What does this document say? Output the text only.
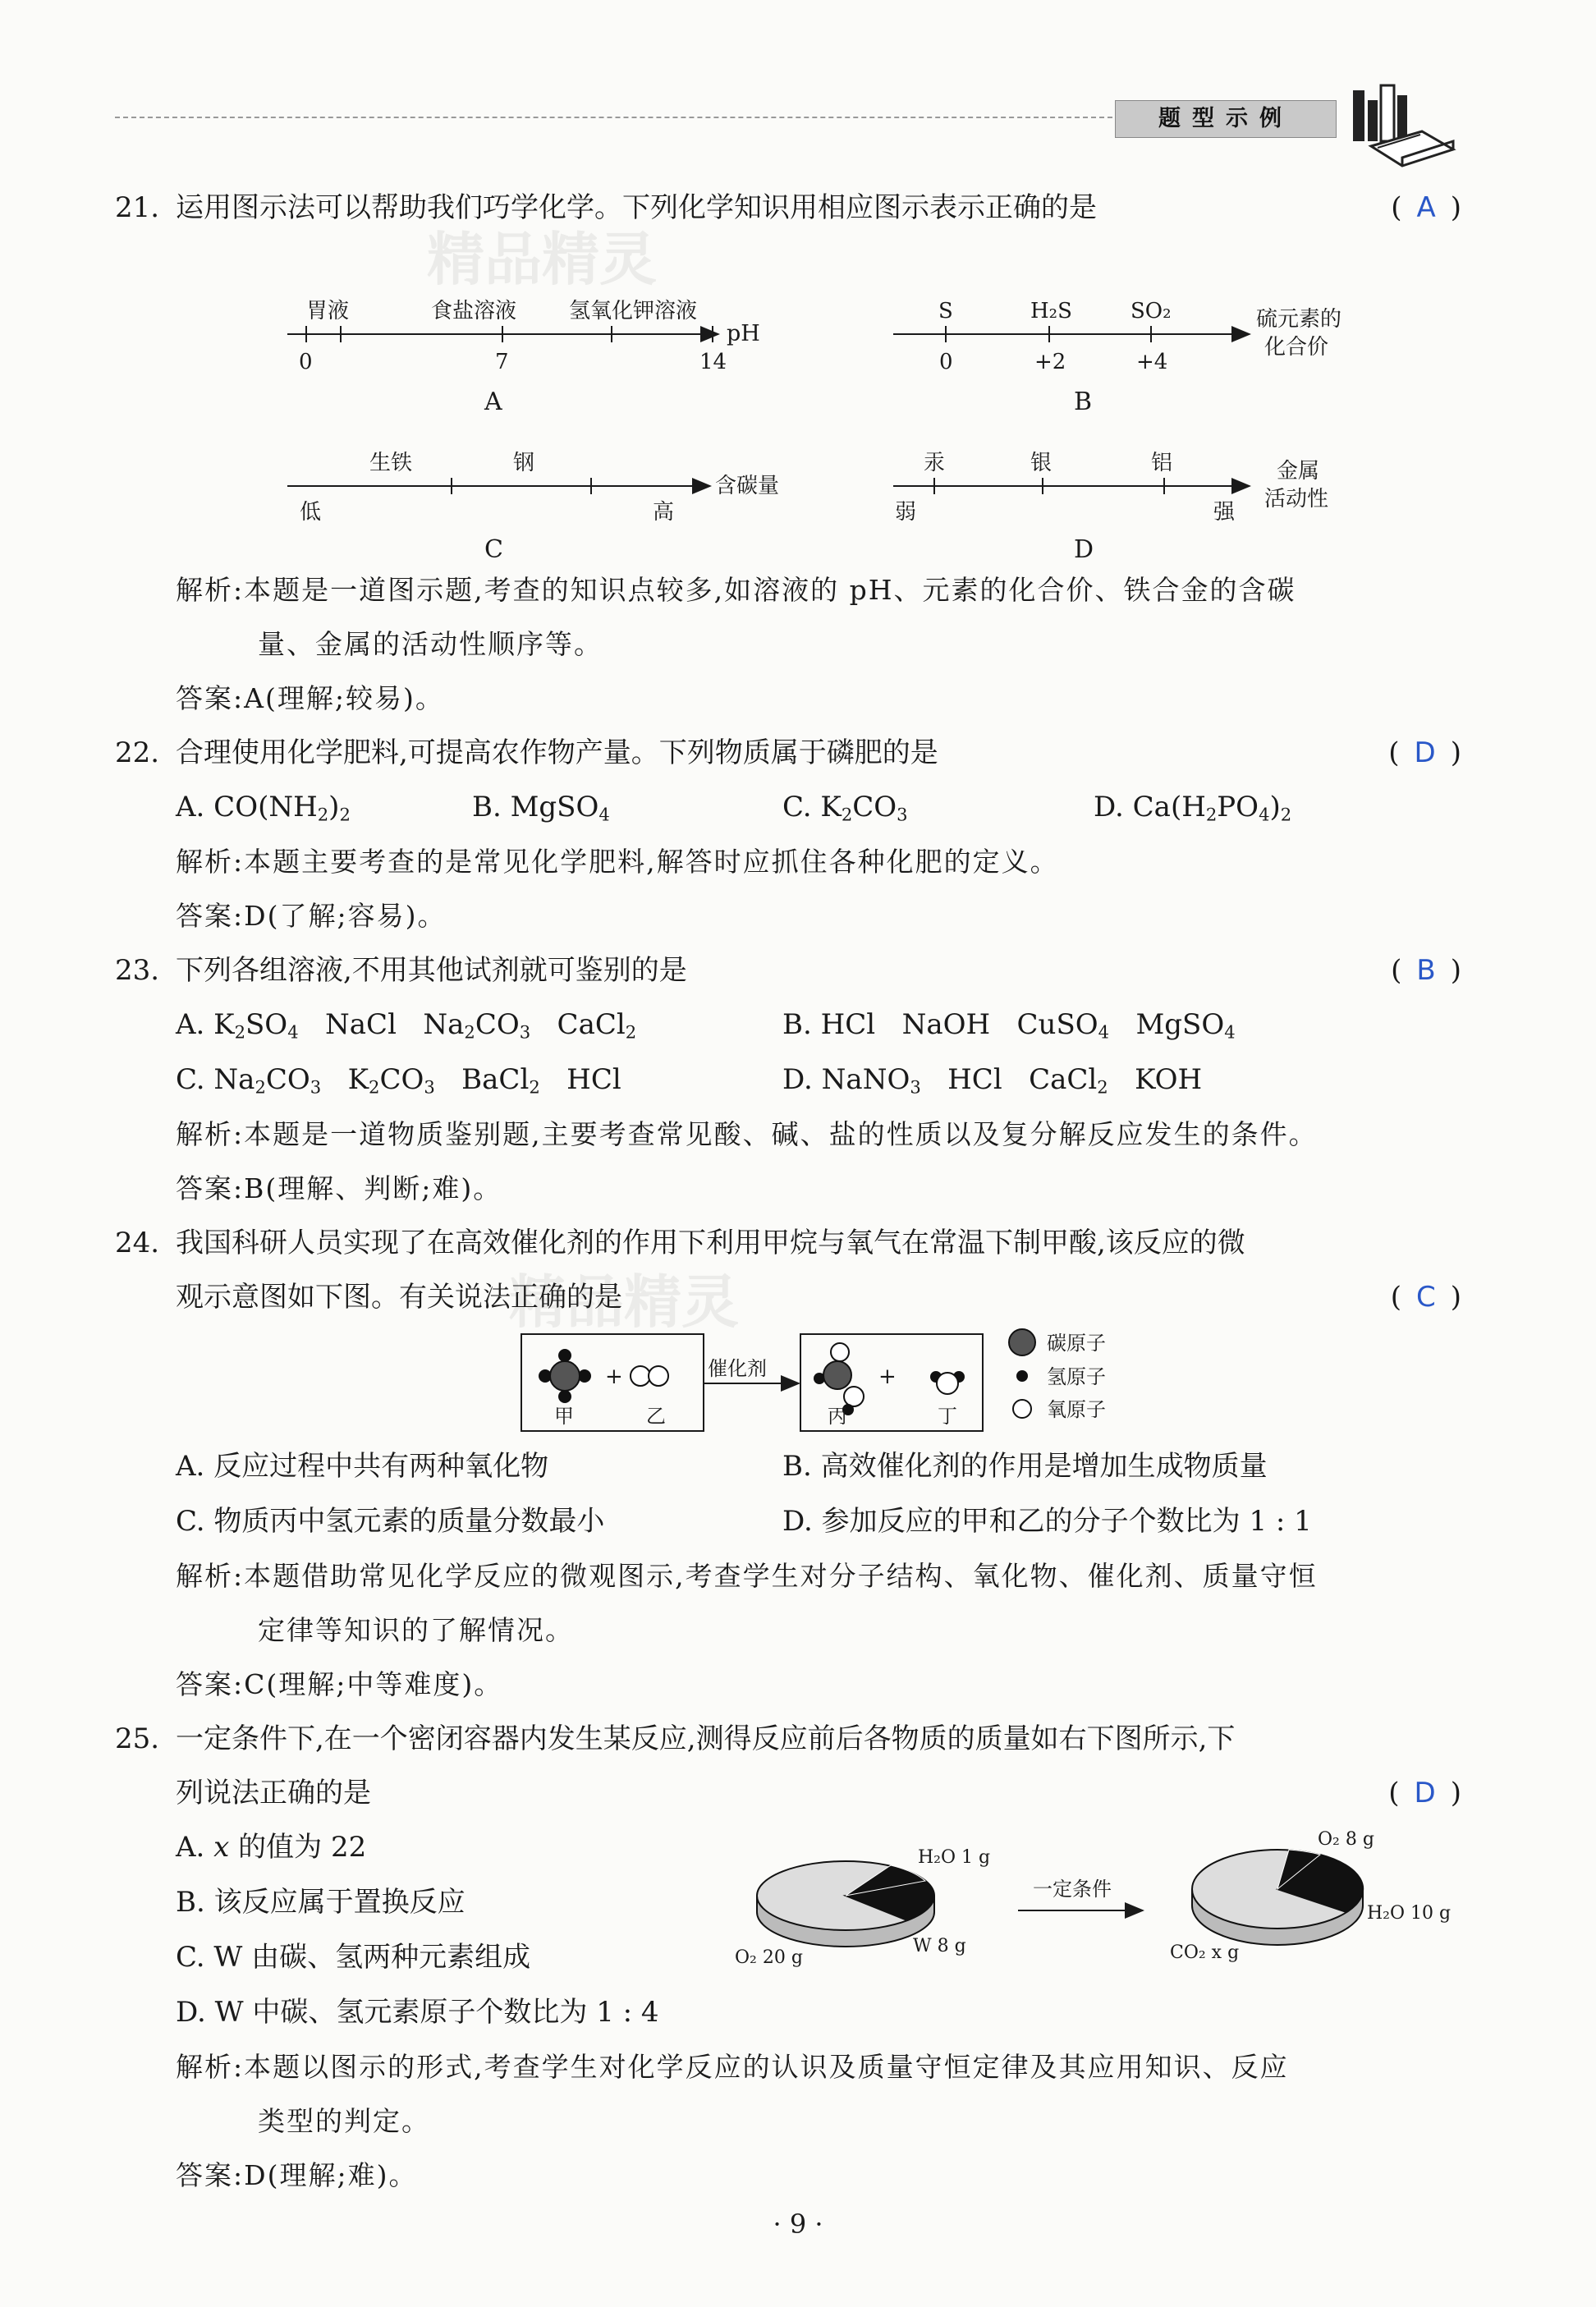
题型示例
精品精灵
精品精灵
21. 运用图示法可以帮助我们巧学化学。下列化学知识用相应图示表示正确的是	( A )
胃液	食盐溶液 氢氧化钾溶液
0	7	14
pH
A
S	H₂S	SO₂
0	+2	+4
硫元素的
化合价
B
生铁	钢
低	高
含碳量
C
汞	银	铝
弱	强
金属
活动性
D
解析:本题是一道图示题,考查的知识点较多,如溶液的 pH、元素的化合价、铁合金的含碳
量、金属的活动性顺序等。
答案:A(理解;较易)。
22. 合理使用化学肥料,可提高农作物产量。下列物质属于磷肥的是	( D )
A. $CO(NH_2)_2$	B. MgSO$_4$	C. $K_2CO_3$	D. $Ca(H_2PO_4)_2$
解析:本题主要考查的是常见化学肥料,解答时应抓住各种化肥的定义。
答案:D(了解;容易)。
23. 下列各组溶液,不用其他试剂就可鉴别的是	( B )
A. $K_2SO_4$   NaCl   $Na_2CO_3$   CaCl$_2$	B. HCl   NaOH   CuSO$_4$   MgSO$_4$
C. $Na_2CO_3$   $K_2CO_3$   BaCl$_2$   HCl	D. NaNO$_3$   HCl   CaCl$_2$   KOH
解析:本题是一道物质鉴别题,主要考查常见酸、碱、盐的性质以及复分解反应发生的条件。
答案:B(理解、判断;难)。
24. 我国科研人员实现了在高效催化剂的作用下利用甲烷与氧气在常温下制甲酸,该反应的微
观示意图如下图。有关说法正确的是	( C )
+
甲	乙
催化剂	+
丙	丁
碳原子
氢原子
氧原子
A. 反应过程中共有两种氧化物	B. 高效催化剂的作用是增加生成物质量
C. 物质丙中氢元素的质量分数最小	D. 参加反应的甲和乙的分子个数比为 1 : 1
解析:本题借助常见化学反应的微观图示,考查学生对分子结构、氧化物、催化剂、质量守恒
定律等知识的了解情况。
答案:C(理解;中等难度)。
25. 一定条件下,在一个密闭容器内发生某反应,测得反应前后各物质的质量如右下图所示,下
列说法正确的是	( D )
A. x 的值为 22
B. 该反应属于置换反应
C. W 由碳、氢两种元素组成
D. W 中碳、氢元素原子个数比为 1 : 4
H₂O 1 g
O₂ 20 g
W 8 g
一定条件
O₂ 8 g
H₂O 10 g
CO₂ x g
解析:本题以图示的形式,考查学生对化学反应的认识及质量守恒定律及其应用知识、反应
类型的判定。
答案:D(理解;难)。
· 9 ·
